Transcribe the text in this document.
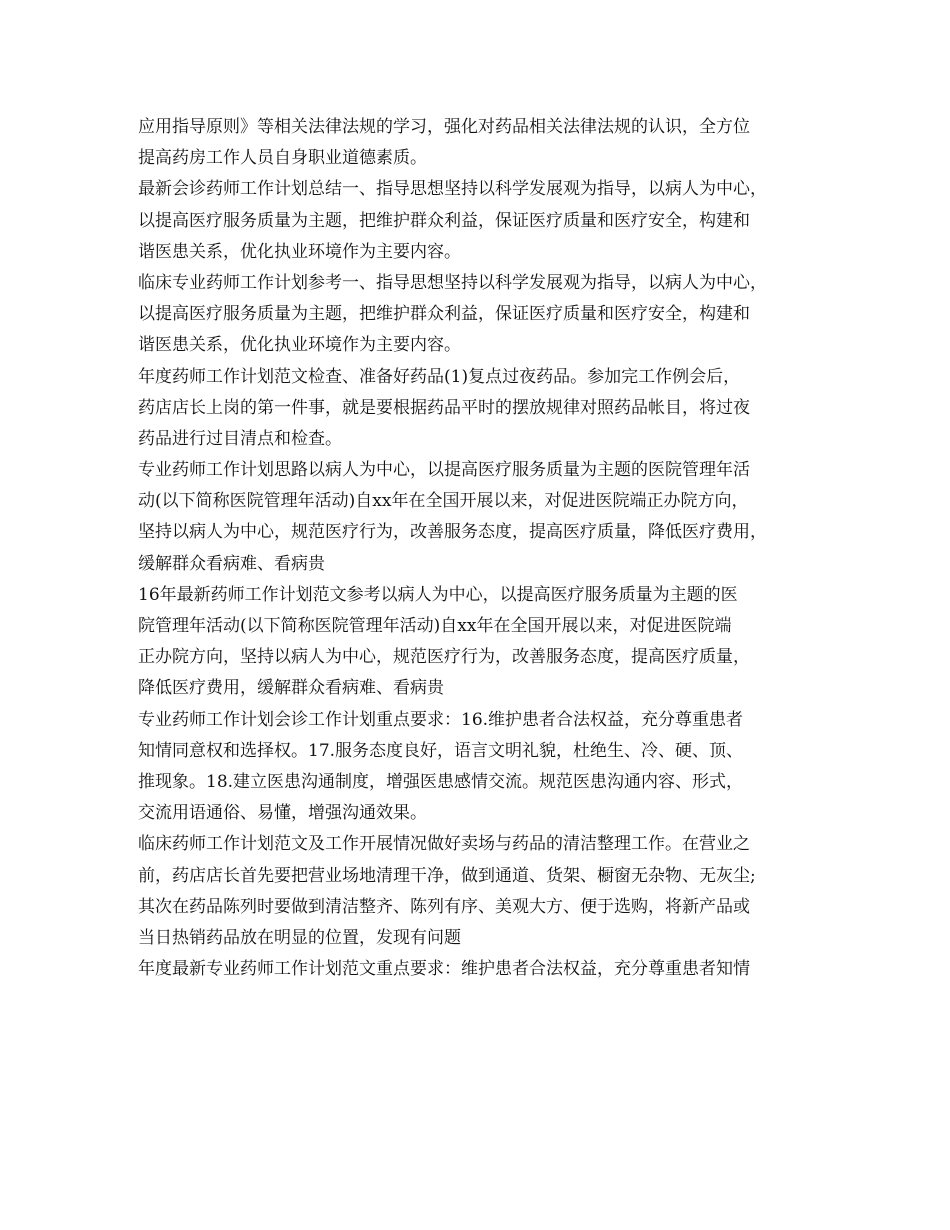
应用指导原则》等相关法律法规的学习，强化对药品相关法律法规的认识，全方位
提高药房工作人员自身职业道德素质。
最新会诊药师工作计划总结一、指导思想坚持以科学发展观为指导，以病人为中心，
以提高医疗服务质量为主题，把维护群众利益，保证医疗质量和医疗安全，构建和
谐医患关系，优化执业环境作为主要内容。
临床专业药师工作计划参考一、指导思想坚持以科学发展观为指导，以病人为中心，
以提高医疗服务质量为主题，把维护群众利益，保证医疗质量和医疗安全，构建和
谐医患关系，优化执业环境作为主要内容。
年度药师工作计划范文检查、准备好药品(1)复点过夜药品。参加完工作例会后，
药店店长上岗的第一件事，就是要根据药品平时的摆放规律对照药品帐目，将过夜
药品进行过目清点和检查。
专业药师工作计划思路以病人为中心，以提高医疗服务质量为主题的医院管理年活
动(以下简称医院管理年活动)自xx年在全国开展以来，对促进医院端正办院方向，
坚持以病人为中心，规范医疗行为，改善服务态度，提高医疗质量，降低医疗费用，
缓解群众看病难、看病贵
16年最新药师工作计划范文参考以病人为中心，以提高医疗服务质量为主题的医
院管理年活动(以下简称医院管理年活动)自xx年在全国开展以来，对促进医院端
正办院方向，坚持以病人为中心，规范医疗行为，改善服务态度，提高医疗质量，
降低医疗费用，缓解群众看病难、看病贵
专业药师工作计划会诊工作计划重点要求：16.维护患者合法权益，充分尊重患者
知情同意权和选择权。17.服务态度良好，语言文明礼貌，杜绝生、冷、硬、顶、
推现象。18.建立医患沟通制度，增强医患感情交流。规范医患沟通内容、形式，
交流用语通俗、易懂，增强沟通效果。
临床药师工作计划范文及工作开展情况做好卖场与药品的清洁整理工作。在营业之
前，药店店长首先要把营业场地清理干净，做到通道、货架、橱窗无杂物、无灰尘;
其次在药品陈列时要做到清洁整齐、陈列有序、美观大方、便于选购，将新产品或
当日热销药品放在明显的位置，发现有问题
年度最新专业药师工作计划范文重点要求：维护患者合法权益，充分尊重患者知情
